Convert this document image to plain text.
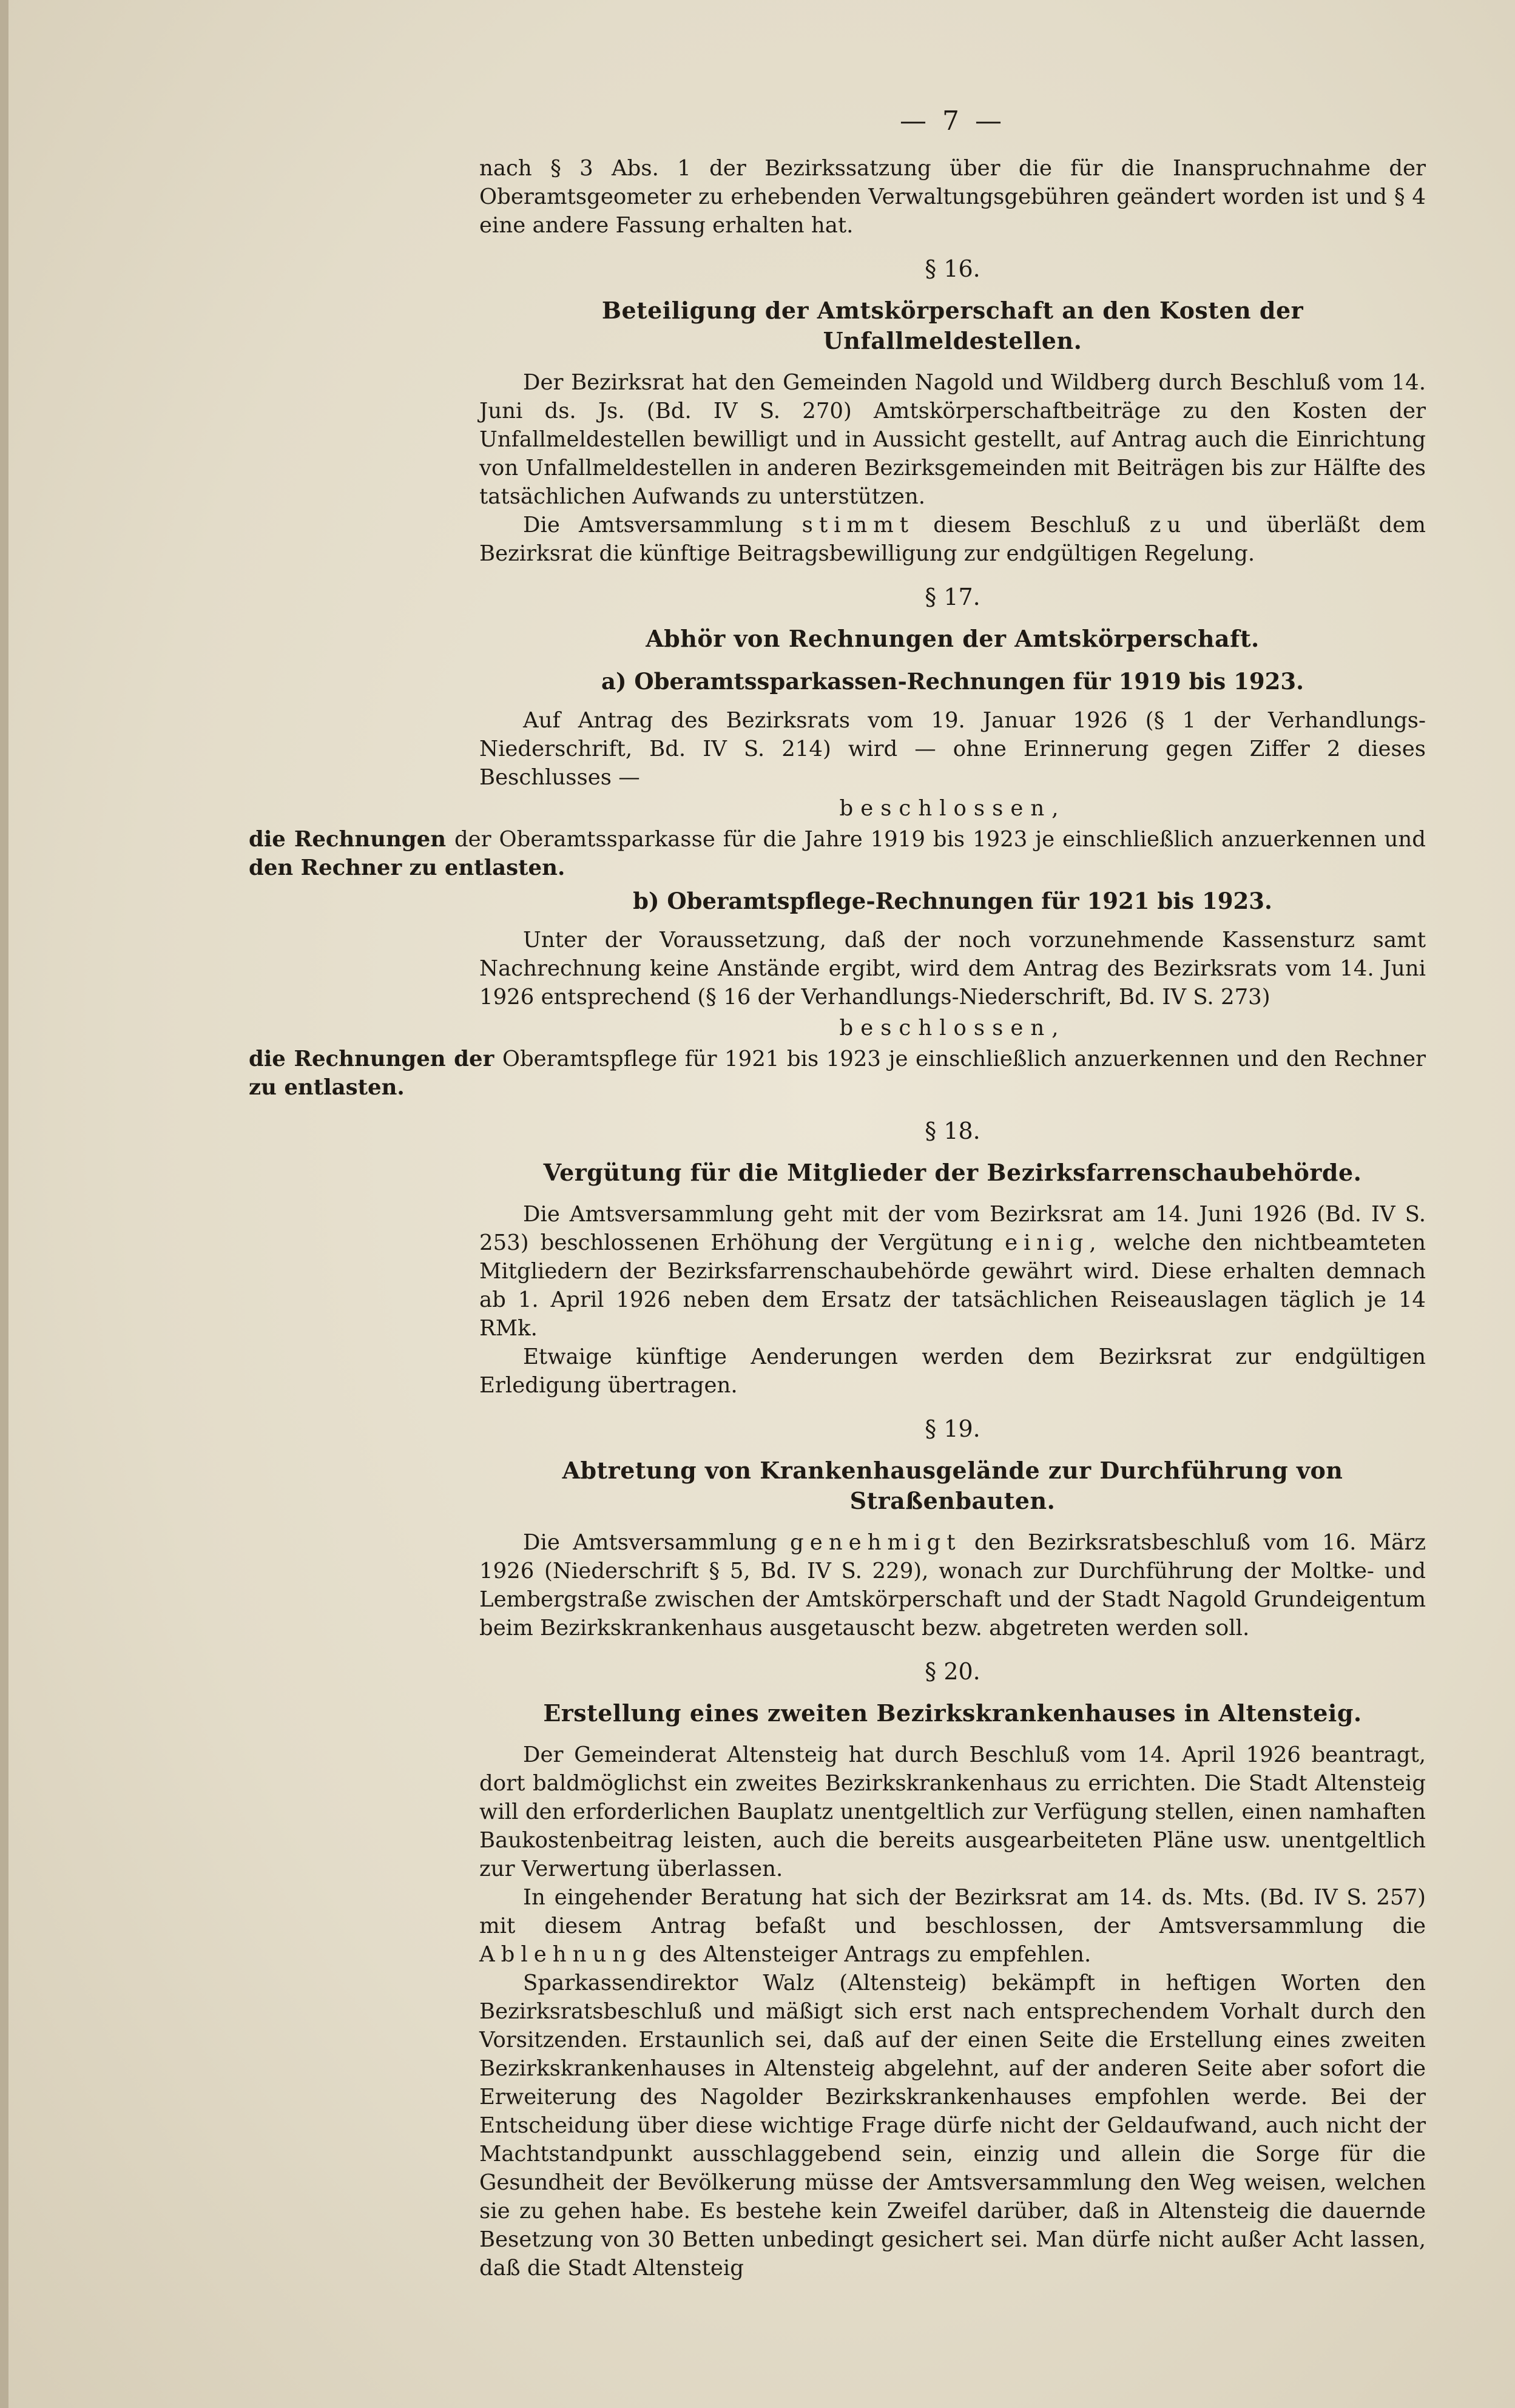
— 7 —

nach § 3 Abs. 1 der Bezirkssatzung über die für die Inanspruchnahme der Oberamtsgeometer zu erhebenden Verwaltungsgebühren geändert worden ist und § 4 eine andere Fassung erhalten hat.

§ 16.
Beteiligung der Amtskörperschaft an den Kosten der Unfallmeldestellen.

Der Bezirksrat hat den Gemeinden Nagold und Wildberg durch Beschluß vom 14. Juni ds. Js. (Bd. IV S. 270) Amtskörperschaftbeiträge zu den Kosten der Unfallmeldestellen bewilligt und in Aussicht gestellt, auf Antrag auch die Einrichtung von Unfallmeldestellen in anderen Bezirksgemeinden mit Beiträgen bis zur Hälfte des tatsächlichen Aufwands zu unterstützen.

Die Amtsversammlung stimmt diesem Beschluß zu und überläßt dem Bezirksrat die künftige Beitragsbewilligung zur endgültigen Regelung.

§ 17.
Abhör von Rechnungen der Amtskörperschaft.
a) Oberamtssparkassen-Rechnungen für 1919 bis 1923.

Auf Antrag des Bezirksrats vom 19. Januar 1926 (§ 1 der Verhandlungs-Niederschrift, Bd. IV S. 214) wird — ohne Erinnerung gegen Ziffer 2 dieses Beschlusses —

beschlossen,

die Rechnungen der Oberamtssparkasse für die Jahre 1919 bis 1923 je einschließlich anzuerkennen und den Rechner zu entlasten.

b) Oberamtspflege-Rechnungen für 1921 bis 1923.

Unter der Voraussetzung, daß der noch vorzunehmende Kassensturz samt Nachrechnung keine Anstände ergibt, wird dem Antrag des Bezirksrats vom 14. Juni 1926 entsprechend (§ 16 der Verhandlungs-Niederschrift, Bd. IV S. 273)

beschlossen,

die Rechnungen der Oberamtspflege für 1921 bis 1923 je einschließlich anzuerkennen und den Rechner zu entlasten.

§ 18.
Vergütung für die Mitglieder der Bezirksfarrenschaubehörde.

Die Amtsversammlung geht mit der vom Bezirksrat am 14. Juni 1926 (Bd. IV S. 253) beschlossenen Erhöhung der Vergütung einig, welche den nichtbeamteten Mitgliedern der Bezirksfarrenschaubehörde gewährt wird. Diese erhalten demnach ab 1. April 1926 neben dem Ersatz der tatsächlichen Reiseauslagen täglich je 14 RMk.

Etwaige künftige Aenderungen werden dem Bezirksrat zur endgültigen Erledigung übertragen.

§ 19.
Abtretung von Krankenhausgelände zur Durchführung von Straßenbauten.

Die Amtsversammlung genehmigt den Bezirksratsbeschluß vom 16. März 1926 (Niederschrift § 5, Bd. IV S. 229), wonach zur Durchführung der Moltke- und Lembergstraße zwischen der Amtskörperschaft und der Stadt Nagold Grundeigentum beim Bezirkskrankenhaus ausgetauscht bezw. abgetreten werden soll.

§ 20.
Erstellung eines zweiten Bezirkskrankenhauses in Altensteig.

Der Gemeinderat Altensteig hat durch Beschluß vom 14. April 1926 beantragt, dort baldmöglichst ein zweites Bezirkskrankenhaus zu errichten. Die Stadt Altensteig will den erforderlichen Bauplatz unentgeltlich zur Verfügung stellen, einen namhaften Baukostenbeitrag leisten, auch die bereits ausgearbeiteten Pläne usw. unentgeltlich zur Verwertung überlassen.

In eingehender Beratung hat sich der Bezirksrat am 14. ds. Mts. (Bd. IV S. 257) mit diesem Antrag befaßt und beschlossen, der Amtsversammlung die Ablehnung des Altensteiger Antrags zu empfehlen.

Sparkassendirektor Walz (Altensteig) bekämpft in heftigen Worten den Bezirksratsbeschluß und mäßigt sich erst nach entsprechendem Vorhalt durch den Vorsitzenden. Erstaunlich sei, daß auf der einen Seite die Erstellung eines zweiten Bezirkskrankenhauses in Altensteig abgelehnt, auf der anderen Seite aber sofort die Erweiterung des Nagolder Bezirkskrankenhauses empfohlen werde. Bei der Entscheidung über diese wichtige Frage dürfe nicht der Geldaufwand, auch nicht der Machtstandpunkt ausschlaggebend sein, einzig und allein die Sorge für die Gesundheit der Bevölkerung müsse der Amtsversammlung den Weg weisen, welchen sie zu gehen habe. Es bestehe kein Zweifel darüber, daß in Altensteig die dauernde Besetzung von 30 Betten unbedingt gesichert sei. Man dürfe nicht außer Acht lassen, daß die Stadt Altensteig
